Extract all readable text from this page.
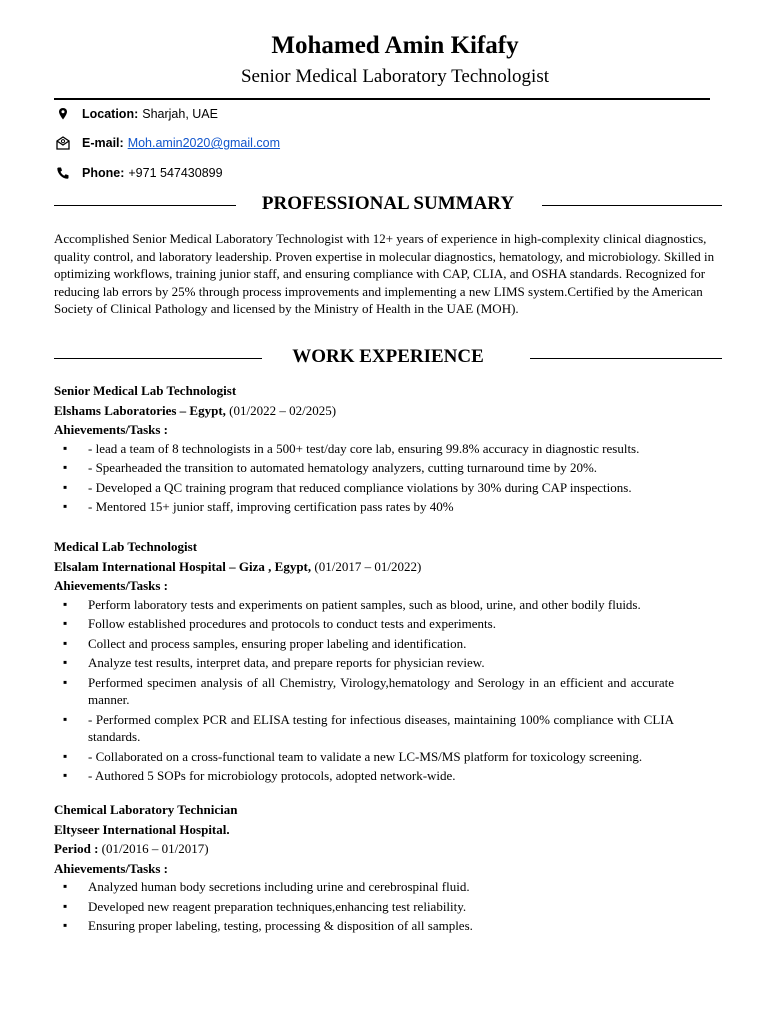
Mohamed Amin Kifafy
Senior Medical Laboratory Technologist
Location: Sharjah, UAE
E-mail: Moh.amin2020@gmail.com
Phone: +971 547430899
PROFESSIONAL SUMMARY

Accomplished Senior Medical Laboratory Technologist with 12+ years of experience in high-complexity clinical diagnostics, quality control, and laboratory leadership. Proven expertise in molecular diagnostics, hematology, and microbiology. Skilled in optimizing workflows, training junior staff, and ensuring compliance with CAP, CLIA, and OSHA standards. Recognized for reducing lab errors by 25% through process improvements and implementing a new LIMS system.Certified by the American Society of Clinical Pathology and licensed by the Ministry of Health in the UAE (MOH).

WORK EXPERIENCE
Senior Medical Lab Technologist
Elshams Laboratories – Egypt, (01/2022 – 02/2025)
Ahievements/Tasks :
▪ - lead a team of 8 technologists in a 500+ test/day core lab, ensuring 99.8% accuracy in diagnostic results.
▪ - Spearheaded the transition to automated hematology analyzers, cutting turnaround time by 20%.
▪ - Developed a QC training program that reduced compliance violations by 30% during CAP inspections.
▪ - Mentored 15+ junior staff, improving certification pass rates by 40%
Medical Lab Technologist
Elsalam International Hospital – Giza , Egypt, (01/2017 – 01/2022)
Ahievements/Tasks :
▪ Perform laboratory tests and experiments on patient samples, such as blood, urine, and other bodily fluids.
▪ Follow established procedures and protocols to conduct tests and experiments.
▪ Collect and process samples, ensuring proper labeling and identification.
▪ Analyze test results, interpret data, and prepare reports for physician review.
▪ Performed specimen analysis of all Chemistry, Virology,hematology and Serology in an efficient and accurate manner.
▪ - Performed complex PCR and ELISA testing for infectious diseases, maintaining 100% compliance with CLIA standards.
▪ - Collaborated on a cross-functional team to validate a new LC-MS/MS platform for toxicology screening.
▪ - Authored 5 SOPs for microbiology protocols, adopted network-wide.
Chemical Laboratory Technician
Eltyseer International Hospital.
Period : (01/2016 – 01/2017)
Ahievements/Tasks :
▪ Analyzed human body secretions including urine and cerebrospinal fluid.
▪ Developed new reagent preparation techniques,enhancing test reliability.
▪ Ensuring proper labeling, testing, processing & disposition of all samples.
